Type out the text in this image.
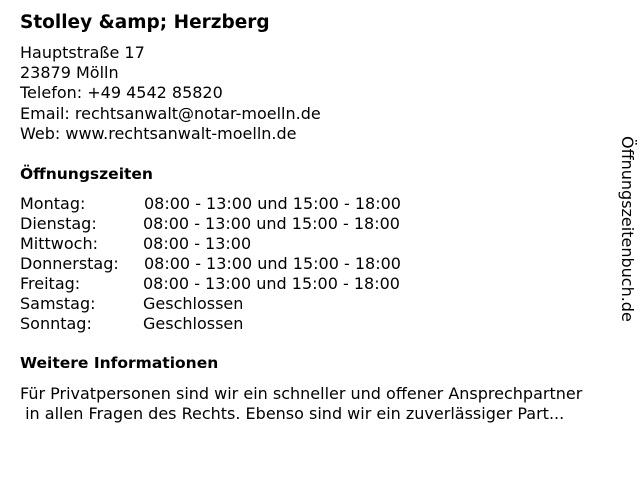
Stolley &amp; Herzberg
Hauptstraße 17
23879 Mölln
Telefon: +49 4542 85820
Email: rechtsanwalt@notar-moelln.de
Web: www.rechtsanwalt-moelln.de
Öffnungszeiten
Montag:	08:00 - 13:00 und 15:00 - 18:00
Dienstag:	08:00 - 13:00 und 15:00 - 18:00
Mittwoch:	08:00 - 13:00
Donnerstag: 08:00 - 13:00 und 15:00 - 18:00
Freitag:	08:00 - 13:00 und 15:00 - 18:00
Samstag:	Geschlossen
Sonntag:	Geschlossen
Weitere Informationen
Für Privatpersonen sind wir ein schneller und offener Ansprechpartner
in allen Fragen des Rechts. Ebenso sind wir ein zuverlässiger Part...
Öffnungszeitenbuch.de
